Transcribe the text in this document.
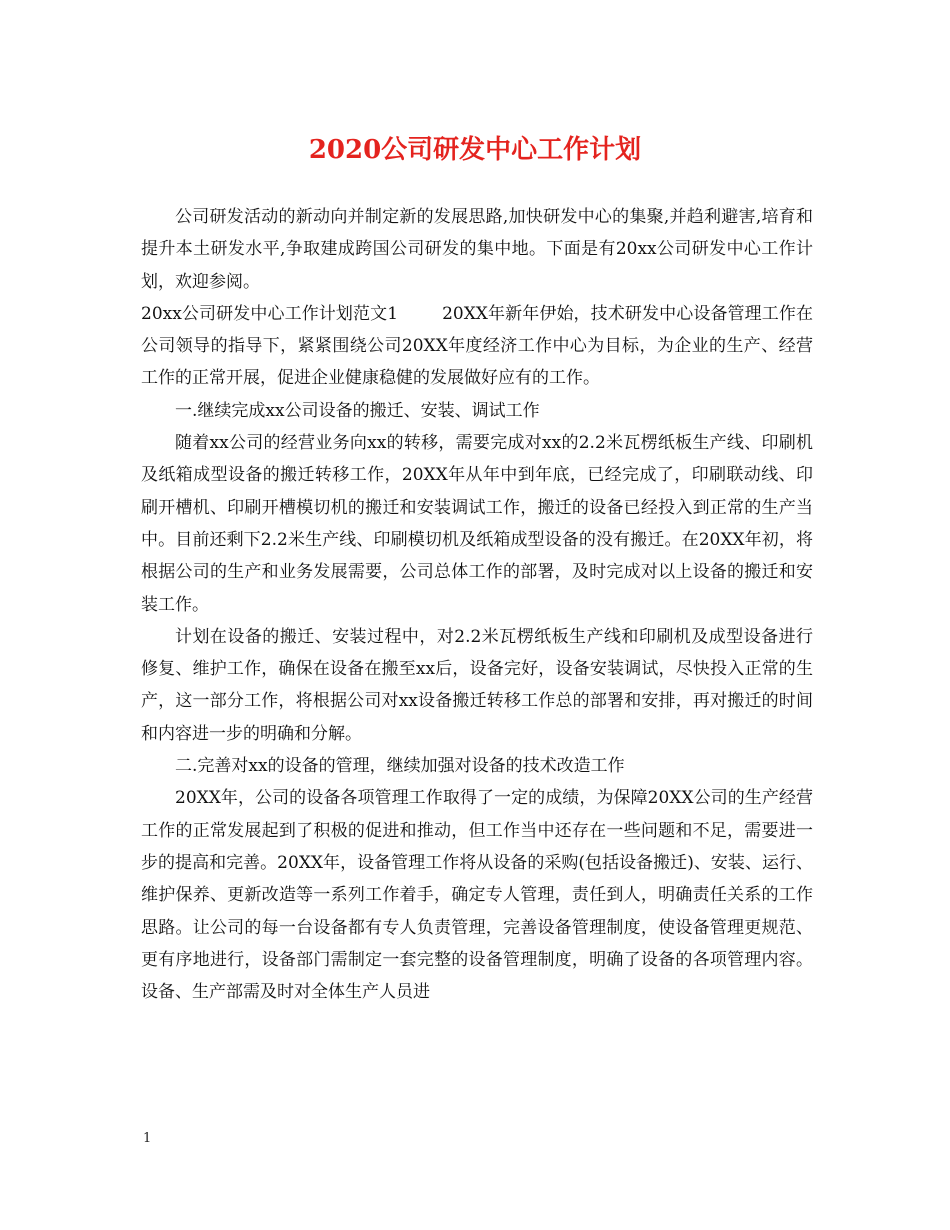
2020公司研发中心工作计划

公司研发活动的新动向并制定新的发展思路,加快研发中心的集聚,并趋利避害,培育和提升本土研发水平,争取建成跨国公司研发的集中地。下面是有20xx公司研发中心工作计划，欢迎参阅。

20xx公司研发中心工作计划范文1	20XX年新年伊始，技术研发中心设备管理工作在公司领导的指导下，紧紧围绕公司20XX年度经济工作中心为目标，为企业的生产、经营工作的正常开展，促进企业健康稳健的发展做好应有的工作。

一.继续完成xx公司设备的搬迁、安装、调试工作

随着xx公司的经营业务向xx的转移，需要完成对xx的2.2米瓦楞纸板生产线、印刷机及纸箱成型设备的搬迁转移工作，20XX年从年中到年底，已经完成了，印刷联动线、印刷开槽机、印刷开槽模切机的搬迁和安装调试工作，搬迁的设备已经投入到正常的生产当中。目前还剩下2.2米生产线、印刷模切机及纸箱成型设备的没有搬迁。在20XX年初，将根据公司的生产和业务发展需要，公司总体工作的部署，及时完成对以上设备的搬迁和安装工作。

计划在设备的搬迁、安装过程中，对2.2米瓦楞纸板生产线和印刷机及成型设备进行修复、维护工作，确保在设备在搬至xx后，设备完好，设备安装调试，尽快投入正常的生产，这一部分工作，将根据公司对xx设备搬迁转移工作总的部署和安排，再对搬迁的时间和内容进一步的明确和分解。

二.完善对xx的设备的管理，继续加强对设备的技术改造工作

20XX年，公司的设备各项管理工作取得了一定的成绩，为保障20XX公司的生产经营工作的正常发展起到了积极的促进和推动，但工作当中还存在一些问题和不足，需要进一步的提高和完善。20XX年，设备管理工作将从设备的采购(包括设备搬迁)、安装、运行、维护保养、更新改造等一系列工作着手，确定专人管理，责任到人，明确责任关系的工作思路。让公司的每一台设备都有专人负责管理，完善设备管理制度，使设备管理更规范、更有序地进行，设备部门需制定一套完整的设备管理制度，明确了设备的各项管理内容。设备、生产部需及时对全体生产人员进

1
